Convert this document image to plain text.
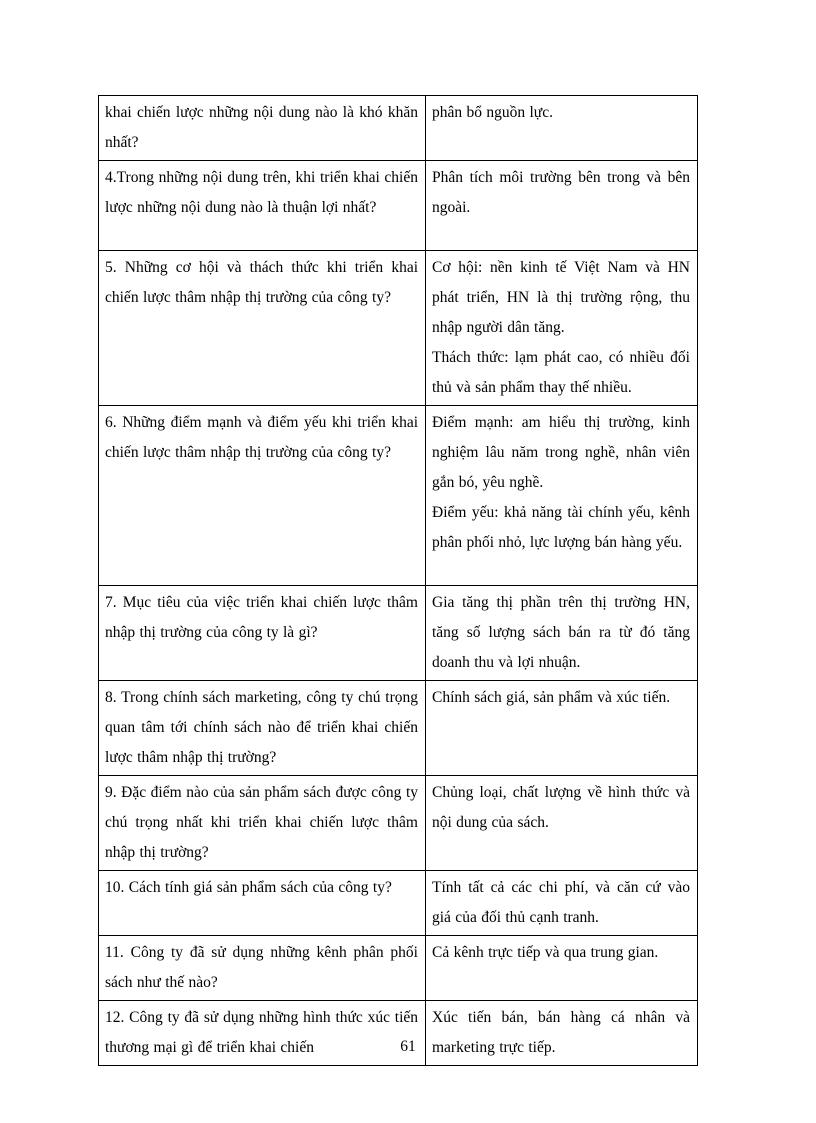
khai chiến lược những nội dung nào là khó khăn nhất?	phân bổ nguồn lực.

4.Trong những nội dung trên, khi triển khai chiến lược những nội dung nào là thuận lợi nhất?	Phân tích môi trường bên trong và bên ngoài.

5. Những cơ hội và thách thức khi triển khai chiến lược thâm nhập thị trường của công ty?	Cơ hội: nền kinh tế Việt Nam và HN phát triển, HN là thị trường rộng, thu nhập người dân tăng.
Thách thức: lạm phát cao, có nhiều đối thủ và sản phẩm thay thế nhiều.

6. Những điểm mạnh và điểm yếu khi triển khai chiến lược thâm nhập thị trường của công ty?	Điểm mạnh: am hiểu thị trường, kinh nghiệm lâu năm trong nghề, nhân viên gắn bó, yêu nghề.
Điểm yếu: khả năng tài chính yếu, kênh phân phối nhỏ, lực lượng bán hàng yếu.

7. Mục tiêu của việc triển khai chiến lược thâm nhập thị trường của công ty là gì?	Gia tăng thị phần trên thị trường HN, tăng số lượng sách bán ra từ đó tăng doanh thu và lợi nhuận.

8. Trong chính sách marketing, công ty chú trọng quan tâm tới chính sách nào để triển khai chiến lược thâm nhập thị trường?	Chính sách giá, sản phẩm và xúc tiến.

9. Đặc điểm nào của sản phẩm sách được công ty chú trọng nhất khi triển khai chiến lược thâm nhập thị trường?	Chủng loại, chất lượng về hình thức và nội dung của sách.

10. Cách tính giá sản phẩm sách của công ty?	Tính tất cả các chi phí, và căn cứ vào giá của đối thủ cạnh tranh.

11. Công ty đã sử dụng những kênh phân phối sách như thế nào?	Cả kênh trực tiếp và qua trung gian.

12. Công ty đã sử dụng những hình thức xúc tiến thương mại gì để triển khai chiến	Xúc tiến bán, bán hàng cá nhân và marketing trực tiếp.
61
